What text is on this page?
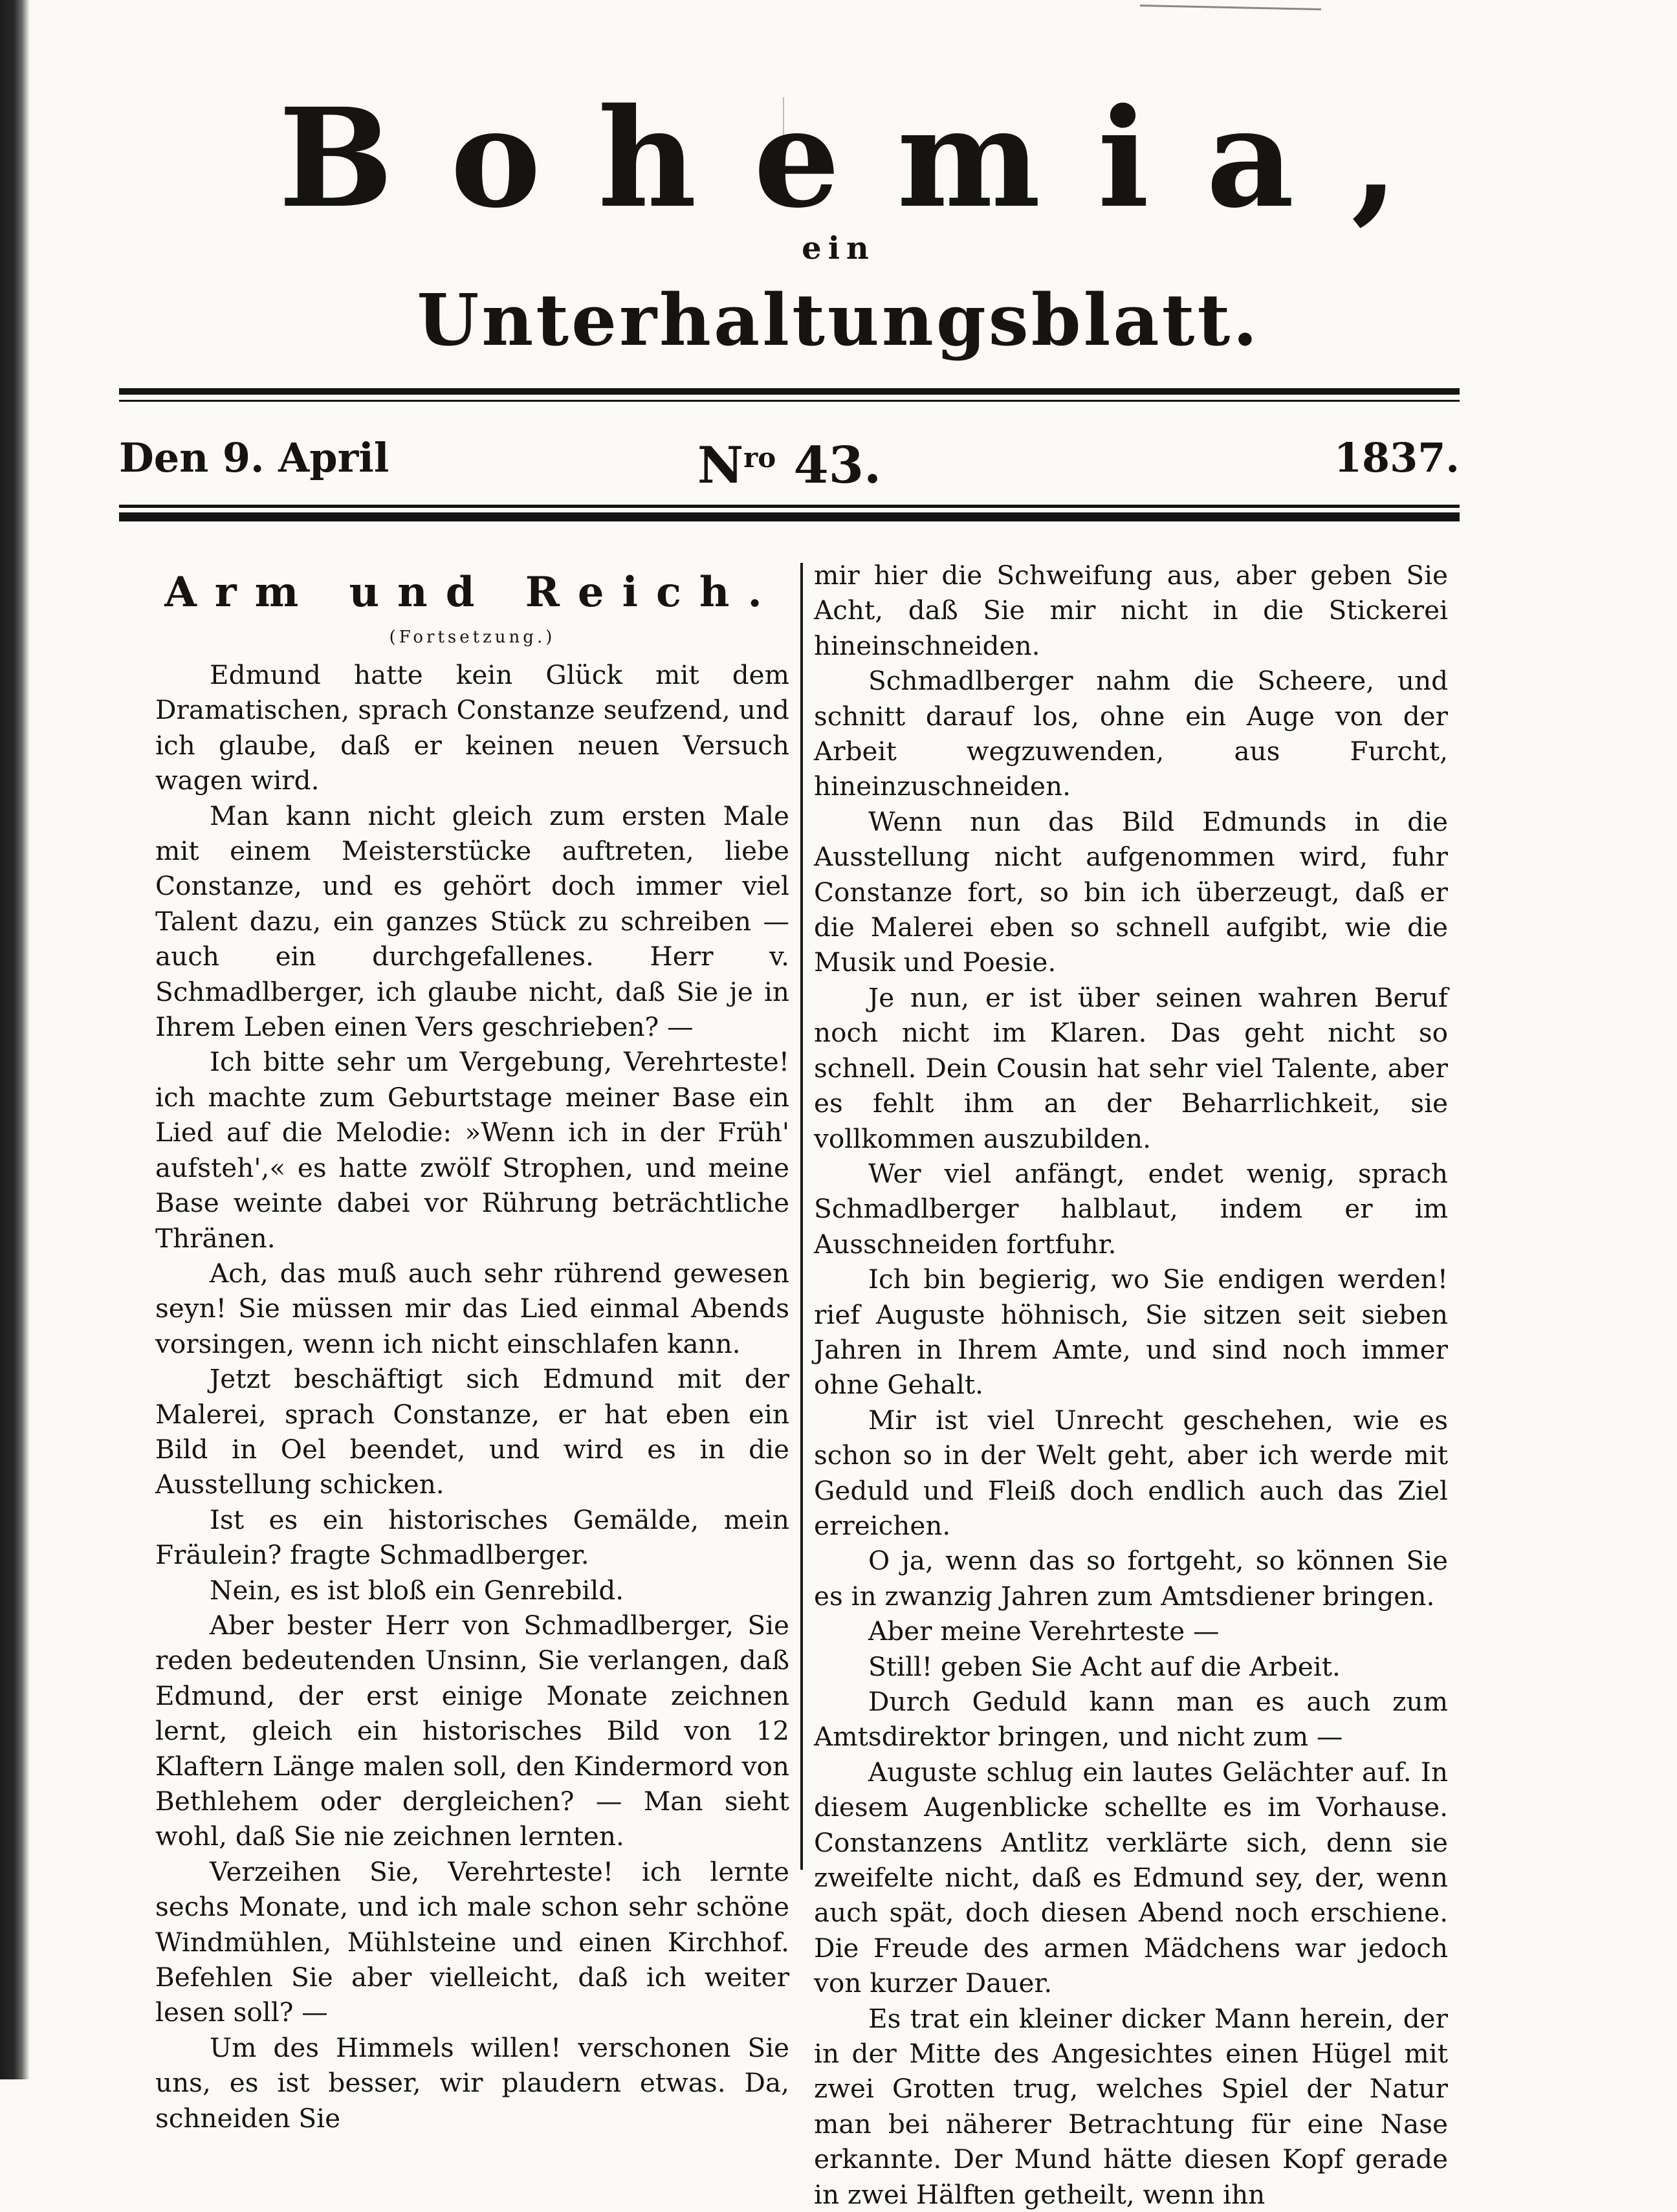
Bohemia,
ein
Unterhaltungsblatt.
Den 9. April	$N^{ro}$ 43.	1837.
Arm und Reich.
(Fortsetzung.)

Edmund hatte kein Glück mit dem Dramatischen, sprach Constanze seufzend, und ich glaube, daß er keinen neuen Versuch wagen wird.

Man kann nicht gleich zum ersten Male mit einem Meisterstücke auftreten, liebe Constanze, und es gehört doch immer viel Talent dazu, ein ganzes Stück zu schreiben — auch ein durchgefallenes. Herr v. Schmadlberger, ich glaube nicht, daß Sie je in Ihrem Leben einen Vers geschrieben? —

Ich bitte sehr um Vergebung, Verehrteste! ich machte zum Geburtstage meiner Base ein Lied auf die Melodie: »Wenn ich in der Früh' aufsteh',« es hatte zwölf Strophen, und meine Base weinte dabei vor Rührung beträchtliche Thränen.

Ach, das muß auch sehr rührend gewesen seyn! Sie müssen mir das Lied einmal Abends vorsingen, wenn ich nicht einschlafen kann.

Jetzt beschäftigt sich Edmund mit der Malerei, sprach Constanze, er hat eben ein Bild in Oel beendet, und wird es in die Ausstellung schicken.

Ist es ein historisches Gemälde, mein Fräulein? fragte Schmadlberger.

Nein, es ist bloß ein Genrebild.

Aber bester Herr von Schmadlberger, Sie reden bedeutenden Unsinn, Sie verlangen, daß Edmund, der erst einige Monate zeichnen lernt, gleich ein historisches Bild von 12 Klaftern Länge malen soll, den Kindermord von Bethlehem oder dergleichen? — Man sieht wohl, daß Sie nie zeichnen lernten.

Verzeihen Sie, Verehrteste! ich lernte sechs Monate, und ich male schon sehr schöne Windmühlen, Mühlsteine und einen Kirchhof. Befehlen Sie aber vielleicht, daß ich weiter lesen soll? —

Um des Himmels willen! verschonen Sie uns, es ist besser, wir plaudern etwas. Da, schneiden Sie

mir hier die Schweifung aus, aber geben Sie Acht, daß Sie mir nicht in die Stickerei hineinschneiden.

Schmadlberger nahm die Scheere, und schnitt darauf los, ohne ein Auge von der Arbeit wegzuwenden, aus Furcht, hineinzuschneiden.

Wenn nun das Bild Edmunds in die Ausstellung nicht aufgenommen wird, fuhr Constanze fort, so bin ich überzeugt, daß er die Malerei eben so schnell aufgibt, wie die Musik und Poesie.

Je nun, er ist über seinen wahren Beruf noch nicht im Klaren. Das geht nicht so schnell. Dein Cousin hat sehr viel Talente, aber es fehlt ihm an der Beharrlichkeit, sie vollkommen auszubilden.

Wer viel anfängt, endet wenig, sprach Schmadlberger halblaut, indem er im Ausschneiden fortfuhr.

Ich bin begierig, wo Sie endigen werden! rief Auguste höhnisch, Sie sitzen seit sieben Jahren in Ihrem Amte, und sind noch immer ohne Gehalt.

Mir ist viel Unrecht geschehen, wie es schon so in der Welt geht, aber ich werde mit Geduld und Fleiß doch endlich auch das Ziel erreichen.

O ja, wenn das so fortgeht, so können Sie es in zwanzig Jahren zum Amtsdiener bringen.

Aber meine Verehrteste —

Still! geben Sie Acht auf die Arbeit.

Durch Geduld kann man es auch zum Amtsdirektor bringen, und nicht zum —

Auguste schlug ein lautes Gelächter auf. In diesem Augenblicke schellte es im Vorhause. Constanzens Antlitz verklärte sich, denn sie zweifelte nicht, daß es Edmund sey, der, wenn auch spät, doch diesen Abend noch erschiene. Die Freude des armen Mädchens war jedoch von kurzer Dauer.

Es trat ein kleiner dicker Mann herein, der in der Mitte des Angesichtes einen Hügel mit zwei Grotten trug, welches Spiel der Natur man bei näherer Betrachtung für eine Nase erkannte. Der Mund hätte diesen Kopf gerade in zwei Hälften getheilt, wenn ihn
